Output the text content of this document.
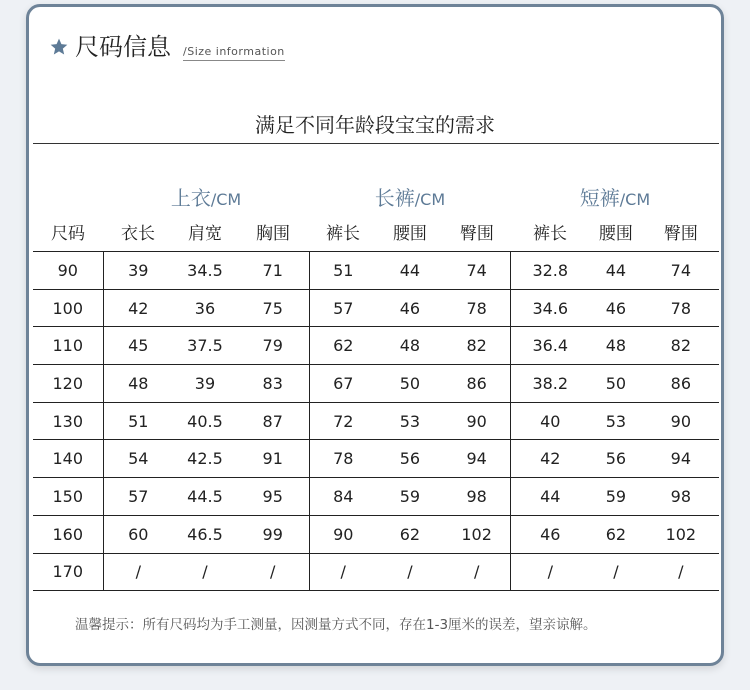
尺码信息 /Size information
满足不同年龄段宝宝的需求
	上衣/CM			长裤/CM			短裤/CM		
尺码	衣长	肩宽	胸围	裤长	腰围	臀围	裤长	腰围	臀围
90	39	34.5	71	51	44	74	32.8	44	74
100	42	36	75	57	46	78	34.6	46	78
110	45	37.5	79	62	48	82	36.4	48	82
120	48	39	83	67	50	86	38.2	50	86
130	51	40.5	87	72	53	90	40	53	90
140	54	42.5	91	78	56	94	42	56	94
150	57	44.5	95	84	59	98	44	59	98
160	60	46.5	99	90	62	102	46	62	102
170	/	/	/	/	/	/	/	/	/
温馨提示：所有尺码均为手工测量，因测量方式不同，存在1-3厘米的误差，望亲谅解。
